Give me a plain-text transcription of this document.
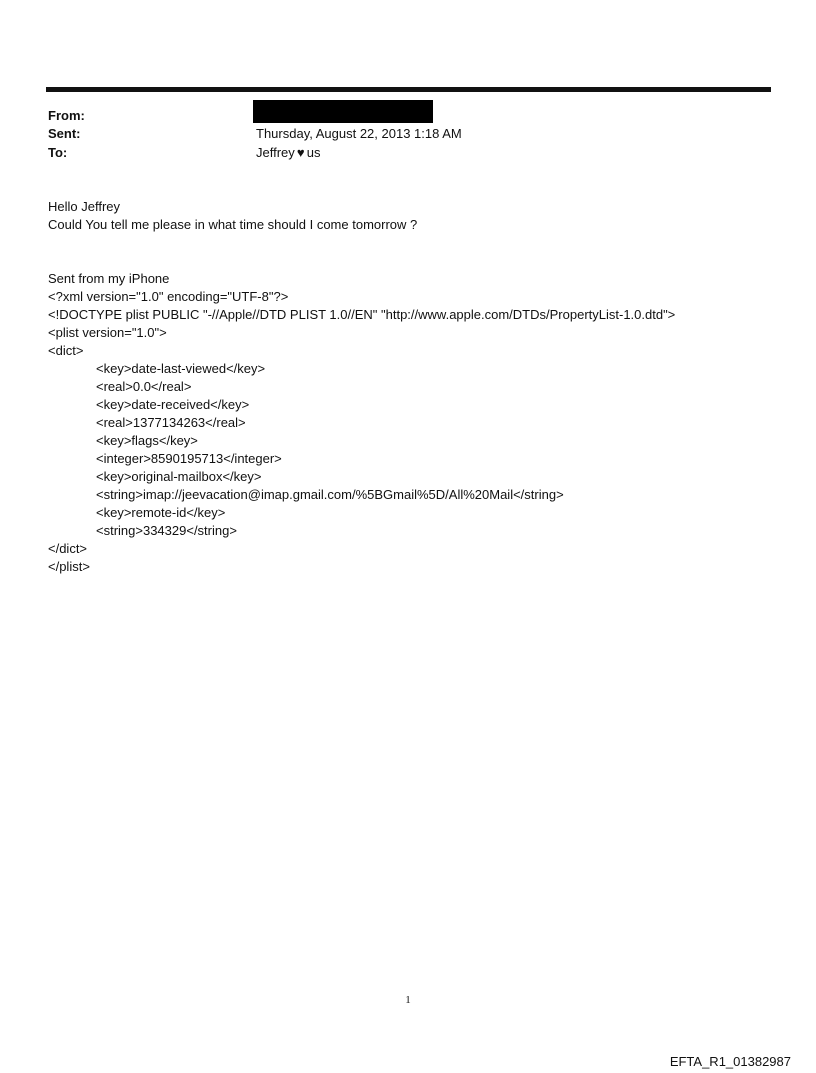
From:
Sent:	Thursday, August 22, 2013 1:18 AM
To:	Jeffrey ♥ us
Hello Jeffrey
Could You tell me please in what time should I come tomorrow ?
Sent from my iPhone
<?xml version="1.0" encoding="UTF-8"?>
<!DOCTYPE plist PUBLIC "-//Apple//DTD PLIST 1.0//EN" "http://www.apple.com/DTDs/PropertyList-1.0.dtd">
<plist version="1.0">
<dict>
<key>date-last-viewed</key>
<real>0.0</real>
<key>date-received</key>
<real>1377134263</real>
<key>flags</key>
<integer>8590195713</integer>
<key>original-mailbox</key>
<string>imap://jeevacation@imap.gmail.com/%5BGmail%5D/All%20Mail</string>
<key>remote-id</key>
<string>334329</string>
</dict>
</plist>
1
EFTA_R1_01382987
